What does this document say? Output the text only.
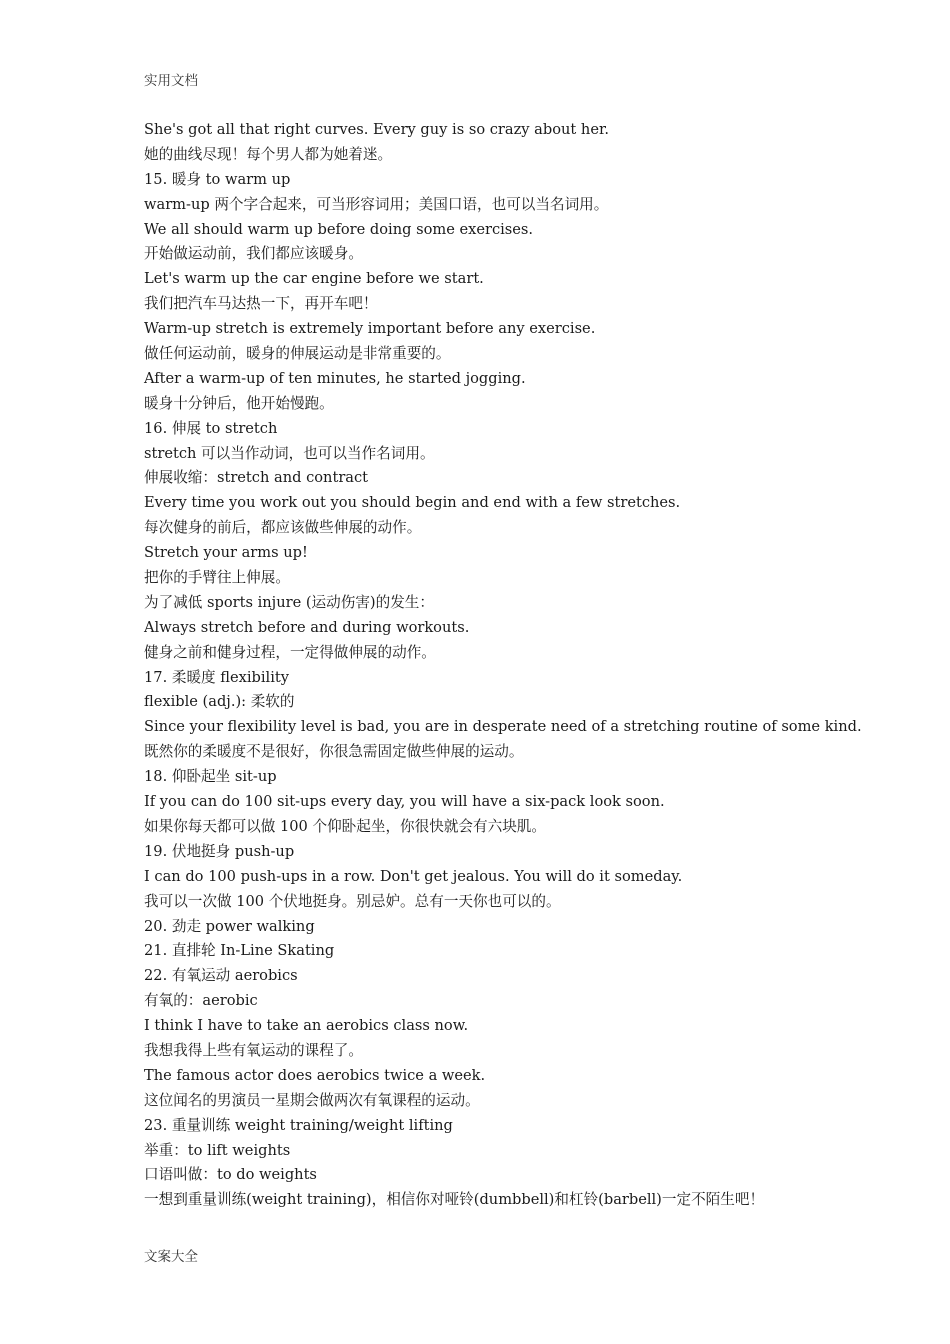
实用文档
She's got all that right curves. Every guy is so crazy about her.
她的曲线尽现！每个男人都为她着迷。
15. 暖身 to warm up
warm-up 两个字合起来，可当形容词用；美国口语，也可以当名词用。
We all should warm up before doing some exercises.
开始做运动前，我们都应该暖身。
Let's warm up the car engine before we start.
我们把汽车马达热一下，再开车吧！
Warm-up stretch is extremely important before any exercise.
做任何运动前，暖身的伸展运动是非常重要的。
After a warm-up of ten minutes, he started jogging.
暖身十分钟后，他开始慢跑。
16. 伸展 to stretch
stretch 可以当作动词，也可以当作名词用。
伸展收缩：stretch and contract
Every time you work out you should begin and end with a few stretches.
每次健身的前后，都应该做些伸展的动作。
Stretch your arms up!
把你的手臂往上伸展。
为了减低 sports injure (运动伤害)的发生：
Always stretch before and during workouts.
健身之前和健身过程，一定得做伸展的动作。
17. 柔暖度 flexibility
flexible (adj.): 柔软的
Since your flexibility level is bad, you are in desperate need of a stretching routine of some kind.
既然你的柔暖度不是很好，你很急需固定做些伸展的运动。
18. 仰卧起坐 sit-up
If you can do 100 sit-ups every day, you will have a six-pack look soon.
如果你每天都可以做 100 个仰卧起坐，你很快就会有六块肌。
19. 伏地挺身 push-up
I can do 100 push-ups in a row. Don't get jealous. You will do it someday.
我可以一次做 100 个伏地挺身。别忌妒。总有一天你也可以的。
20. 劲走 power walking
21. 直排轮 In-Line Skating
22. 有氧运动 aerobics
有氧的：aerobic
I think I have to take an aerobics class now.
我想我得上些有氧运动的课程了。
The famous actor does aerobics twice a week.
这位闻名的男演员一星期会做两次有氧课程的运动。
23. 重量训练 weight training/weight lifting
举重：to lift weights
口语叫做：to do weights
一想到重量训练(weight training)，相信你对哑铃(dumbbell)和杠铃(barbell)一定不陌生吧！
文案大全
